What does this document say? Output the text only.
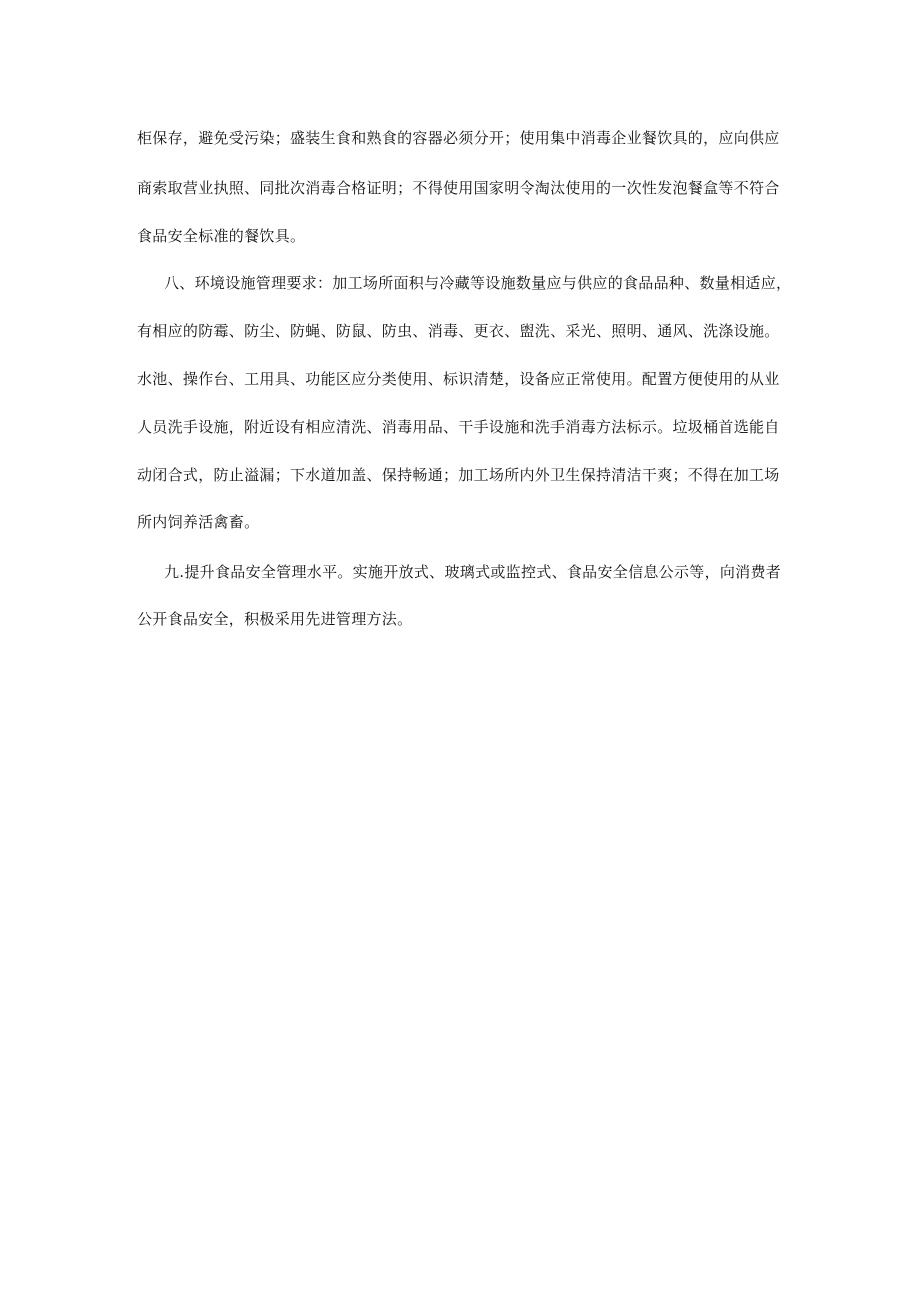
柜保存，避免受污染；盛装生食和熟食的容器必须分开；使用集中消毒企业餐饮具的，应向供应

商索取营业执照、同批次消毒合格证明；不得使用国家明令淘汰使用的一次性发泡餐盒等不符合

食品安全标准的餐饮具。

八、环境设施管理要求：加工场所面积与冷藏等设施数量应与供应的食品品种、数量相适应，

有相应的防霉、防尘、防蝇、防鼠、防虫、消毒、更衣、盥洗、采光、照明、通风、洗涤设施。

水池、操作台、工用具、功能区应分类使用、标识清楚，设备应正常使用。配置方便使用的从业

人员洗手设施，附近设有相应清洗、消毒用品、干手设施和洗手消毒方法标示。垃圾桶首选能自

动闭合式，防止溢漏；下水道加盖、保持畅通；加工场所内外卫生保持清洁干爽；不得在加工场

所内饲养活禽畜。

九.提升食品安全管理水平。实施开放式、玻璃式或监控式、食品安全信息公示等，向消费者

公开食品安全，积极采用先进管理方法。
